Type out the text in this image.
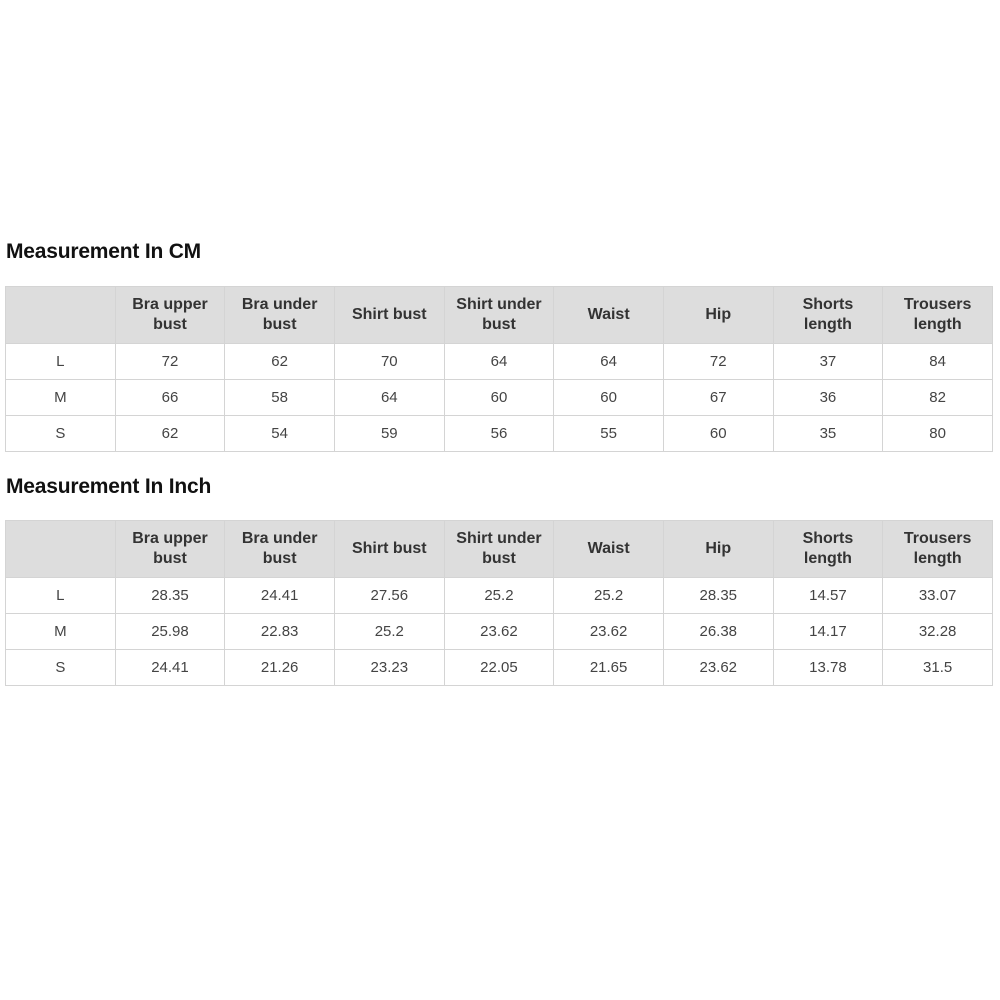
Measurement In CM
	Bra upper bust	Bra under bust	Shirt bust	Shirt under bust	Waist	Hip	Shorts length	Trousers length
L	72	62	70	64	64	72	37	84
M	66	58	64	60	60	67	36	82
S	62	54	59	56	55	60	35	80
Measurement In Inch
	Bra upper bust	Bra under bust	Shirt bust	Shirt under bust	Waist	Hip	Shorts length	Trousers length
L	28.35	24.41	27.56	25.2	25.2	28.35	14.57	33.07
M	25.98	22.83	25.2	23.62	23.62	26.38	14.17	32.28
S	24.41	21.26	23.23	22.05	21.65	23.62	13.78	31.5
